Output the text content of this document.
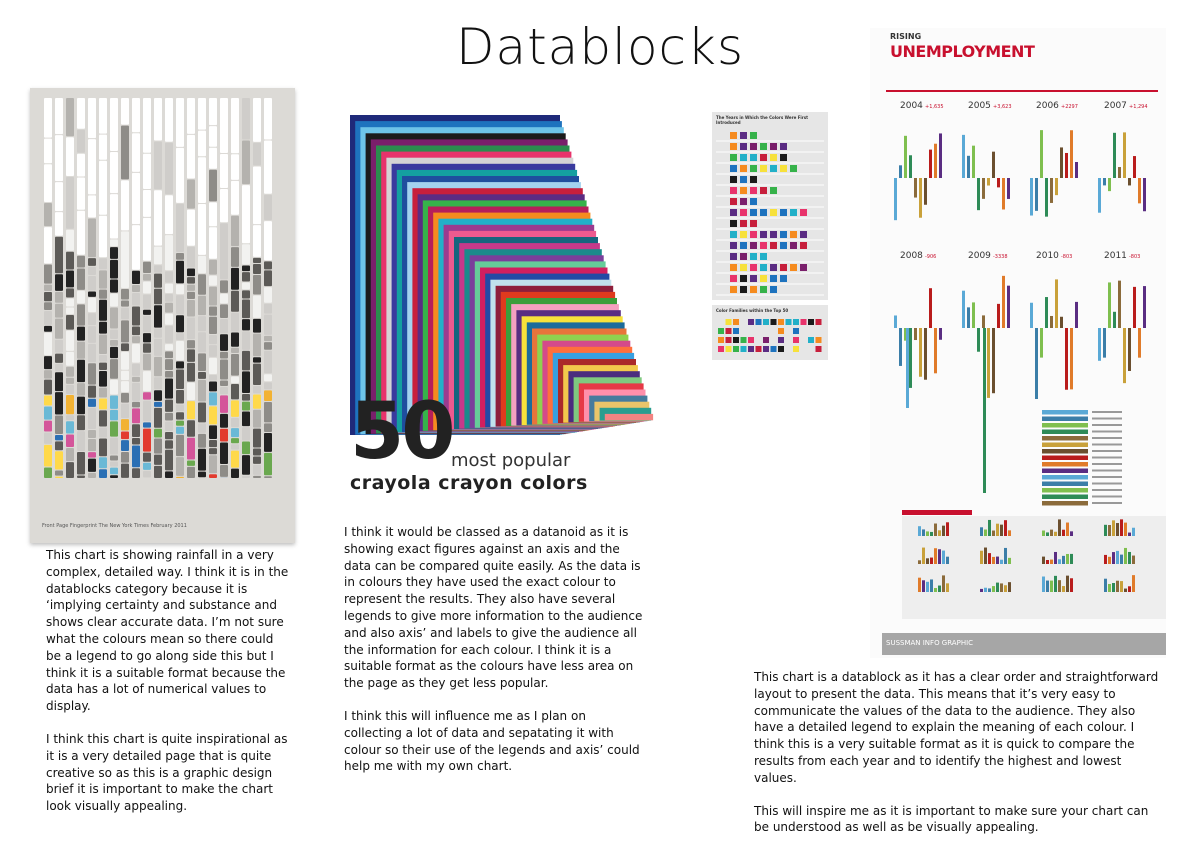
Datablocks
Front Page Fingerprint The New York Times February 2011
50
most popular
crayola crayon colors
The Years in Which the Colors Were First Introduced
Color Families within the Top 50
RISING
UNEMPLOYMENT
2004 +1,635	2005 +3,623	2006 +2297	2007 +1,294
2008 -906	2009 -3338	2010 -803	2011 -803
SUSSMAN INFO GRAPHIC

This chart is showing rainfall in a very complex, detailed way. I think it is in the datablocks category because it is ‘implying certainty and substance and shows clear accurate data. I’m not sure what the colours mean so there could be a legend to go along side this but I think it is a suitable format because the data has a lot of numerical values to display.

I think this chart is quite inspirational as it is a very detailed page that is quite creative so as this is a graphic design brief it is important to make the chart look visually appealing.

I think it would be classed as a datanoid as it is showing exact figures against an axis and the data can be compared quite easily. As the data is in colours they have used the exact colour to represent the results. They also have several legends to give more information to the audience and also axis’ and labels to give the audience all the information for each colour. I think it is a suitable format as the colours have less area on the page as they get less popular.

I think this will influence me as I plan on collecting a lot of data and sepatating it with colour so their use of the legends and axis’ could help me with my own chart.

This chart is a datablock as it has a clear order and straightforward layout to present the data. This means that it’s very easy to communicate the values of the data to the audience. They also have a detailed legend to explain the meaning of each colour. I think this is a very suitable format as it is quick to compare the results from each year and to identify the highest and lowest values.

This will inspire me as it is important to make sure your chart can be understood as well as be visually appealing.
